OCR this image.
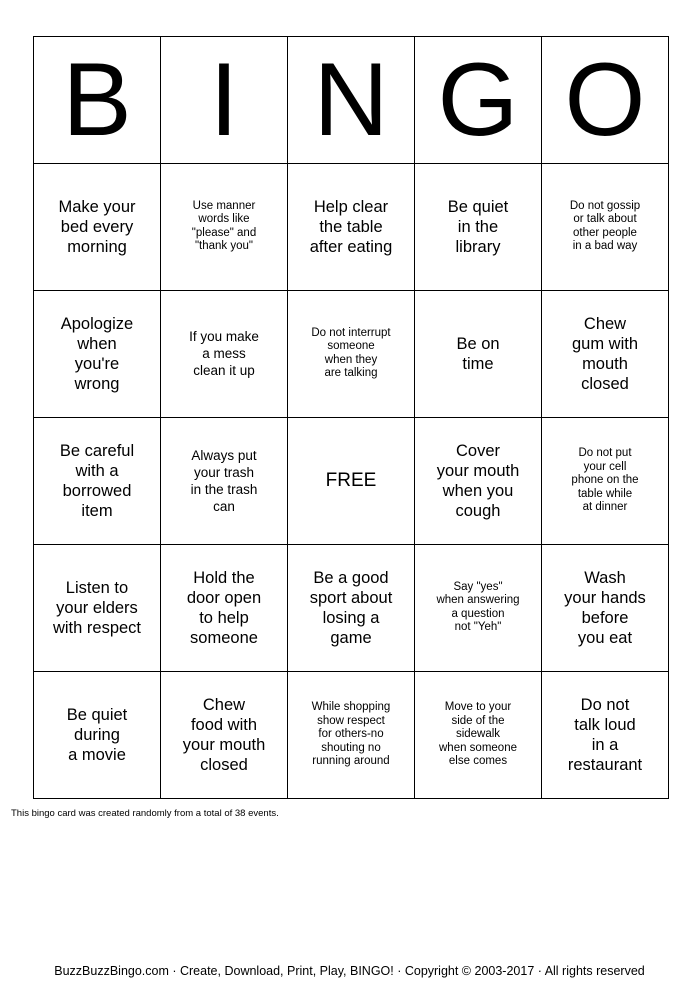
B	I	N	G	O
Make your
bed every
morning	Use manner
words like
"please" and
"thank you"	Help clear
the table
after eating	Be quiet
in the
library	Do not gossip
or talk about
other people
in a bad way
Apologize
when
you're
wrong	If you make
a mess
clean it up	Do not interrupt
someone
when they
are talking	Be on
time	Chew
gum with
mouth
closed
Be careful
with a
borrowed
item	Always put
your trash
in the trash
can	FREE	Cover
your mouth
when you
cough	Do not put
your cell
phone on the
table while
at dinner
Listen to
your elders
with respect	Hold the
door open
to help
someone	Be a good
sport about
losing a
game	Say "yes"
when answering
a question
not "Yeh"	Wash
your hands
before
you eat
Be quiet
during
a movie	Chew
food with
your mouth
closed	While shopping
show respect
for others-no
shouting no
running around	Move to your
side of the
sidewalk
when someone
else comes	Do not
talk loud
in a
restaurant
This bingo card was created randomly from a total of 38 events.
BuzzBuzzBingo.com · Create, Download, Print, Play, BINGO! · Copyright © 2003-2017 · All rights reserved
